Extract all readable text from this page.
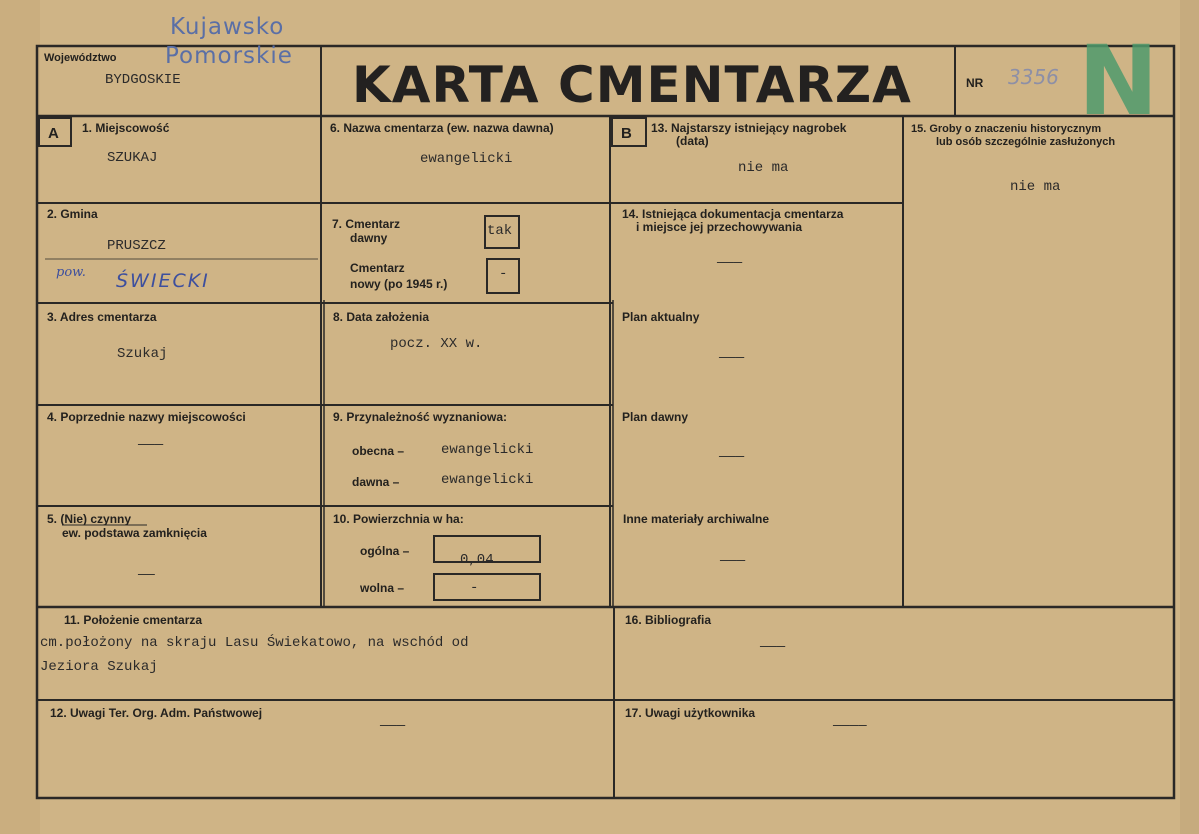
Województwo
BYDGOSKIE
Kujawsko
Pomorskie KARTA CMENTARZA	NR 3356 N
A 1. Miejscowość
SZUKAJ
2. Gmina
PRUSZCZ
pow. ŚWIECKI
3. Adres cmentarza
Szukaj
4. Poprzednie nazwy miejscowości
———
5. (Nie) czynny
ew. podstawa zamknięcia
——
6. Nazwa cmentarza (ew. nazwa dawna)
ewangelicki
7. Cmentarz
dawny	tak
Cmentarz
nowy (po 1945 r.)
-
8. Data założenia
pocz. XX w.
9. Przynależność wyznaniowa:
obecna –	ewangelicki
dawna –	ewangelicki
10. Powierzchnia w ha:
ogólna –
0,04
wolna –	-
B 13. Najstarszy istniejący nagrobek
(data)
nie ma
14. Istniejąca dokumentacja cmentarza
i miejsce jej przechowywania
———
Plan aktualny
———
Plan dawny
———
Inne materiały archiwalne
———
15. Groby o znaczeniu historycznym
lub osób szczególnie zasłużonych
nie ma
11. Położenie cmentarza
cm.położony na skraju Lasu Świekatowo, na wschód od
Jeziora Szukaj
16. Bibliografia
———
12. Uwagi Ter. Org. Adm. Państwowej
———
17. Uwagi użytkownika
————
